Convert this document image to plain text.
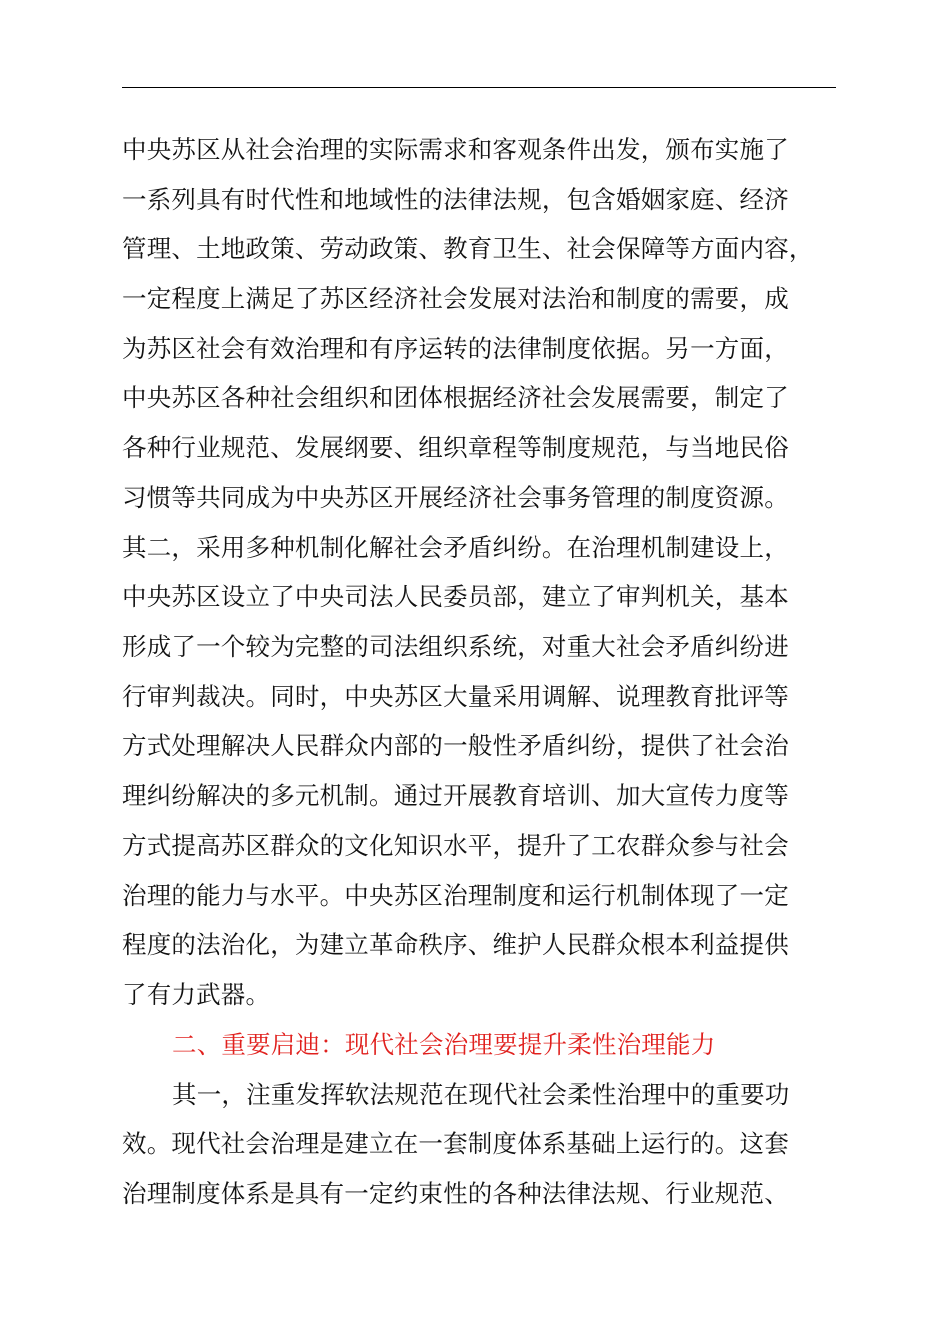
中央苏区从社会治理的实际需求和客观条件出发，颁布实施了
一系列具有时代性和地域性的法律法规，包含婚姻家庭、经济
管理、土地政策、劳动政策、教育卫生、社会保障等方面内容，
一定程度上满足了苏区经济社会发展对法治和制度的需要，成
为苏区社会有效治理和有序运转的法律制度依据。另一方面，
中央苏区各种社会组织和团体根据经济社会发展需要，制定了
各种行业规范、发展纲要、组织章程等制度规范，与当地民俗
习惯等共同成为中央苏区开展经济社会事务管理的制度资源。
其二，采用多种机制化解社会矛盾纠纷。在治理机制建设上，
中央苏区设立了中央司法人民委员部，建立了审判机关，基本
形成了一个较为完整的司法组织系统，对重大社会矛盾纠纷进
行审判裁决。同时，中央苏区大量采用调解、说理教育批评等
方式处理解决人民群众内部的一般性矛盾纠纷，提供了社会治
理纠纷解决的多元机制。通过开展教育培训、加大宣传力度等
方式提高苏区群众的文化知识水平，提升了工农群众参与社会
治理的能力与水平。中央苏区治理制度和运行机制体现了一定
程度的法治化，为建立革命秩序、维护人民群众根本利益提供
了有力武器。
二、重要启迪：现代社会治理要提升柔性治理能力
其一，注重发挥软法规范在现代社会柔性治理中的重要功
效。现代社会治理是建立在一套制度体系基础上运行的。这套
治理制度体系是具有一定约束性的各种法律法规、行业规范、
